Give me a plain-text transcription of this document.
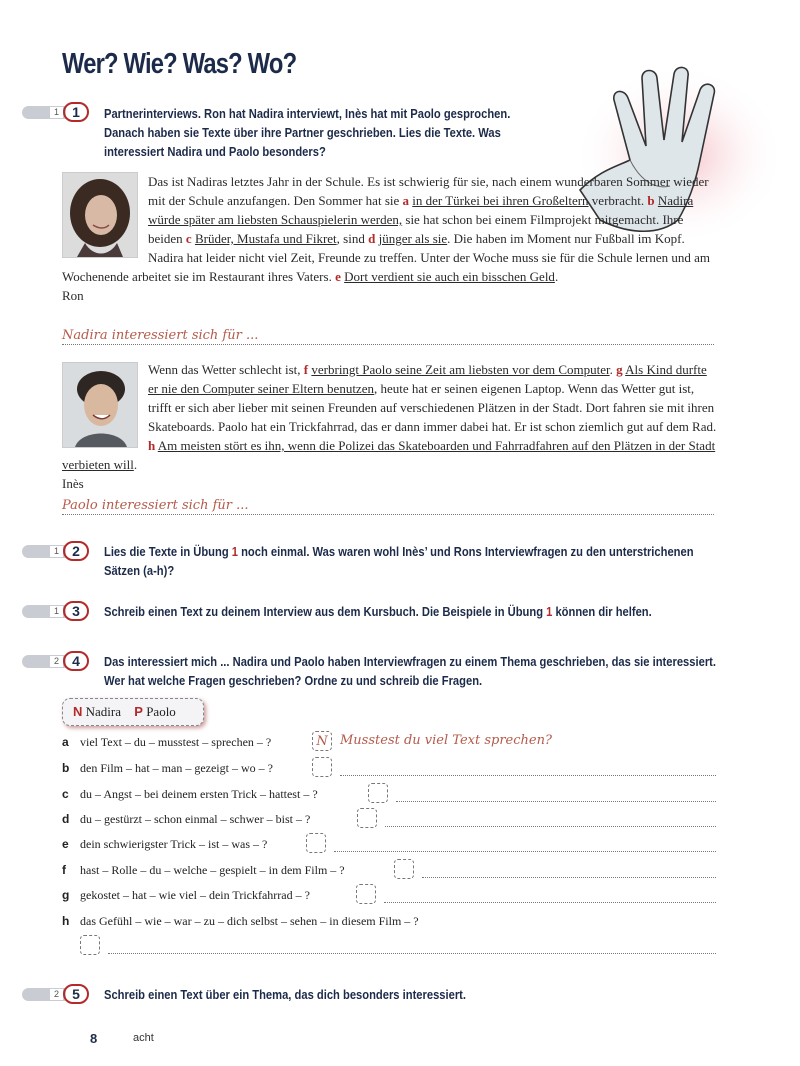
Wer? Wie? Was? Wo?
1 1	Partnerinterviews. Ron hat Nadira interviewt, Inès hat mit Paolo gesprochen. Danach haben sie Texte über ihre Partner geschrieben. Lies die Texte. Was interessiert Nadira und Paolo besonders?
Das ist Nadiras letztes Jahr in der Schule. Es ist schwierig für sie, nach einem wunderbaren Sommer wieder mit der Schule anzufangen. Den Sommer hat sie a in der Türkei bei ihren Großeltern verbracht. b Nadira würde später am liebsten Schauspielerin werden, sie hat schon bei einem Filmprojekt mitgemacht. Ihre beiden c Brüder, Mustafa und Fikret, sind d jünger als sie. Die haben im Moment nur Fußball im Kopf. Nadira hat leider nicht viel Zeit, Freunde zu treffen. Unter der Woche muss sie für die Schule lernen und am Wochenende arbeitet sie im Restaurant ihres Vaters. e Dort verdient sie auch ein bisschen Geld.
Ron
Nadira interessiert sich für ...
Wenn das Wetter schlecht ist, f verbringt Paolo seine Zeit am liebsten vor dem Computer. g Als Kind durfte er nie den Computer seiner Eltern benutzen, heute hat er seinen eigenen Laptop. Wenn das Wetter gut ist, trifft er sich aber lieber mit seinen Freunden auf verschiedenen Plätzen in der Stadt. Dort fahren sie mit ihren Skateboards. Paolo hat ein Trickfahrrad, das er dann immer dabei hat. Er ist schon ziemlich gut auf dem Rad. h Am meisten stört es ihn, wenn die Polizei das Skateboarden und Fahrradfahren auf den Plätzen in der Stadt verbieten will.
Inès
Paolo interessiert sich für ...
1 2	Lies die Texte in Übung 1 noch einmal. Was waren wohl Inès’ und Rons Interviewfragen zu den unterstrichenen Sätzen (a-h)?
1 3	Schreib einen Text zu deinem Interview aus dem Kursbuch. Die Beispiele in Übung 1 können dir helfen.
2 4	Das interessiert mich ... Nadira und Paolo haben Interviewfragen zu einem Thema geschrieben, das sie interessiert. Wer hat welche Fragen geschrieben? Ordne zu und schreib die Fragen.
N Nadira P Paolo
a viel Text – du – musstest – sprechen – ?	N Musstest du viel Text sprechen?
b den Film – hat – man – gezeigt – wo – ?
c du – Angst – bei deinem ersten Trick – hattest – ?
d du – gestürzt – schon einmal – schwer – bist – ?
e dein schwierigster Trick – ist – was – ?
f hast – Rolle – du – welche – gespielt – in dem Film – ?
g gekostet – hat – wie viel – dein Trickfahrrad – ?
h das Gefühl – wie – war – zu – dich selbst – sehen – in diesem Film – ?
2 5	Schreib einen Text über ein Thema, das dich besonders interessiert.
8	acht
